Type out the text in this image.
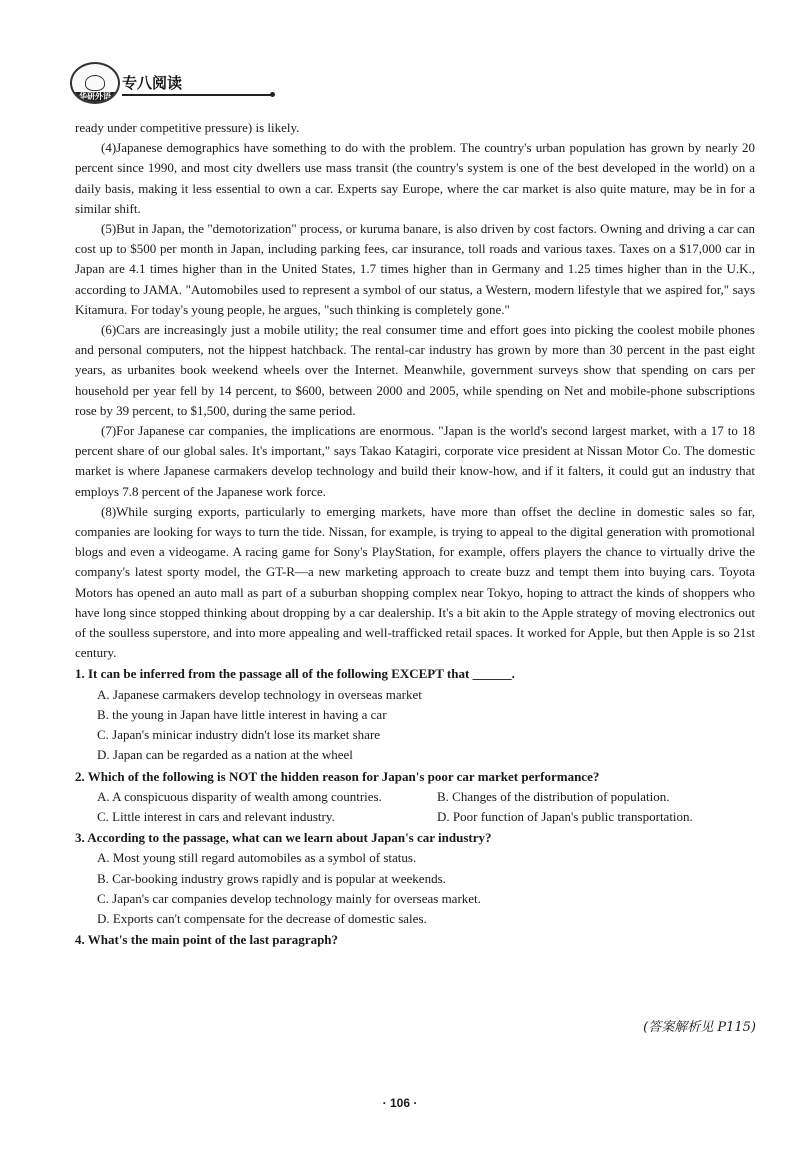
华研外语
专八阅读

ready under competitive pressure) is likely.

(4)Japanese demographics have something to do with the problem. The country's urban population has grown by nearly 20 percent since 1990, and most city dwellers use mass transit (the country's system is one of the best developed in the world) on a daily basis, making it less essential to own a car. Experts say Europe, where the car market is also quite mature, may be in for a similar shift.

(5)But in Japan, the "demotorization" process, or kuruma banare, is also driven by cost factors. Owning and driving a car can cost up to $500 per month in Japan, including parking fees, car insurance, toll roads and various taxes. Taxes on a $17,000 car in Japan are 4.1 times higher than in the United States, 1.7 times higher than in Germany and 1.25 times higher than in the U.K., according to JAMA. "Automobiles used to represent a symbol of our status, a Western, modern lifestyle that we aspired for," says Kitamura. For today's young people, he argues, "such thinking is completely gone."

(6)Cars are increasingly just a mobile utility; the real consumer time and effort goes into picking the coolest mobile phones and personal computers, not the hippest hatchback. The rental-car industry has grown by more than 30 percent in the past eight years, as urbanites book weekend wheels over the Internet. Meanwhile, government surveys show that spending on cars per household per year fell by 14 percent, to $600, between 2000 and 2005, while spending on Net and mobile-phone subscriptions rose by 39 percent, to $1,500, during the same period.

(7)For Japanese car companies, the implications are enormous. "Japan is the world's second largest market, with a 17 to 18 percent share of our global sales. It's important," says Takao Katagiri, corporate vice president at Nissan Motor Co. The domestic market is where Japanese carmakers develop technology and build their know-how, and if it falters, it could gut an industry that employs 7.8 percent of the Japanese work force.

(8)While surging exports, particularly to emerging markets, have more than offset the decline in domestic sales so far, companies are looking for ways to turn the tide. Nissan, for example, is trying to appeal to the digital generation with promotional blogs and even a videogame. A racing game for Sony's PlayStation, for example, offers players the chance to virtually drive the company's latest sporty model, the GT-R—a new marketing approach to create buzz and tempt them into buying cars. Toyota Motors has opened an auto mall as part of a suburban shopping complex near Tokyo, hoping to attract the kinds of shoppers who have long since stopped thinking about dropping by a car dealership. It's a bit akin to the Apple strategy of moving electronics out of the soulless superstore, and into more appealing and well-trafficked retail spaces. It worked for Apple, but then Apple is so 21st century.

1. It can be inferred from the passage all of the following EXCEPT that ______.

A. Japanese carmakers develop technology in overseas market

B. the young in Japan have little interest in having a car

C. Japan's minicar industry didn't lose its market share

D. Japan can be regarded as a nation at the wheel

2. Which of the following is NOT the hidden reason for Japan's poor car market performance?

A. A conspicuous disparity of wealth among countries.	B. Changes of the distribution of population.
C. Little interest in cars and relevant industry.	D. Poor function of Japan's public transportation.

3. According to the passage, what can we learn about Japan's car industry?

A. Most young still regard automobiles as a symbol of status.

B. Car-booking industry grows rapidly and is popular at weekends.

C. Japan's car companies develop technology mainly for overseas market.

D. Exports can't compensate for the decrease of domestic sales.

4. What's the main point of the last paragraph?

(答案解析见 P115)
· 106 ·
